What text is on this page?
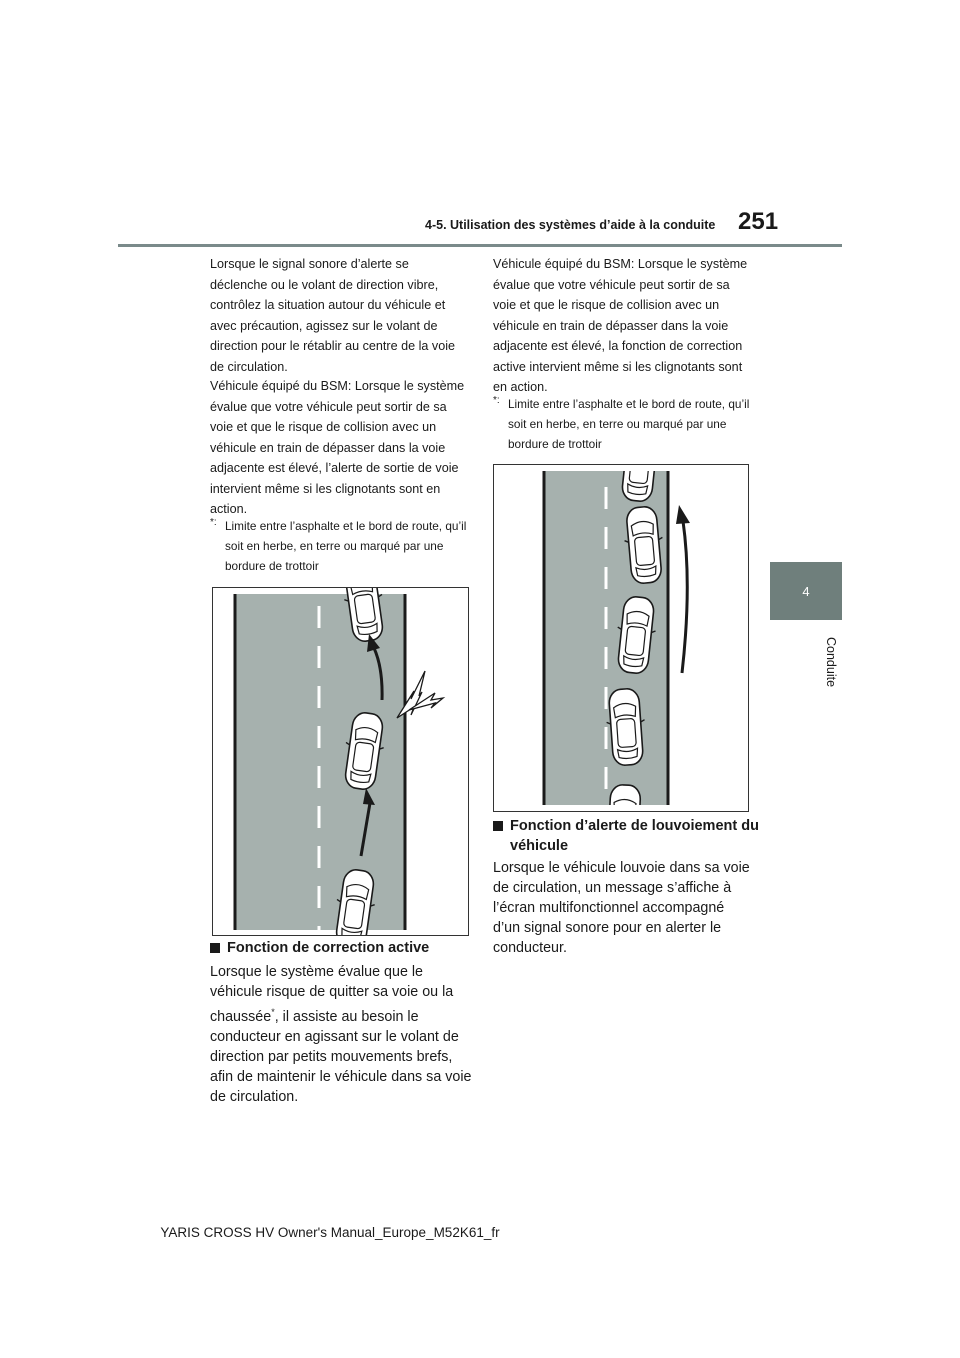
4-5. Utilisation des systèmes d’aide à la conduite 251
4
Conduite

Lorsque le signal sonore d’alerte se déclenche ou le volant de direction vibre, contrôlez la situation autour du véhicule et avec précaution, agissez sur le volant de direction pour le rétablir au centre de la voie de circulation.

Véhicule équipé du BSM: Lorsque le système évalue que votre véhicule peut sortir de sa voie et que le risque de collision avec un véhicule en train de dépasser dans la voie adjacente est élevé, l’alerte de sortie de voie intervient même si les clignotants sont en action.

*: Limite entre l’asphalte et le bord de route, qu’il soit en herbe, en terre ou marqué par une bordure de trottoir

Fonction de correction active

Lorsque le système évalue que le véhicule risque de quitter sa voie ou la chaussée*, il assiste au besoin le conducteur en agissant sur le volant de direction par petits mouvements brefs, afin de maintenir le véhicule dans sa voie de circulation.

Véhicule équipé du BSM: Lorsque le système évalue que votre véhicule peut sortir de sa voie et que le risque de collision avec un véhicule en train de dépasser dans la voie adjacente est élevé, la fonction de correction active intervient même si les clignotants sont en action.

*: Limite entre l’asphalte et le bord de route, qu’il soit en herbe, en terre ou marqué par une bordure de trottoir

Fonction d’alerte de louvoiement du véhicule

Lorsque le véhicule louvoie dans sa voie de circulation, un message s’affiche à l’écran multifonctionnel accompagné d’un signal sonore pour en alerter le conducteur.

YARIS CROSS HV Owner's Manual_Europe_M52K61_fr
